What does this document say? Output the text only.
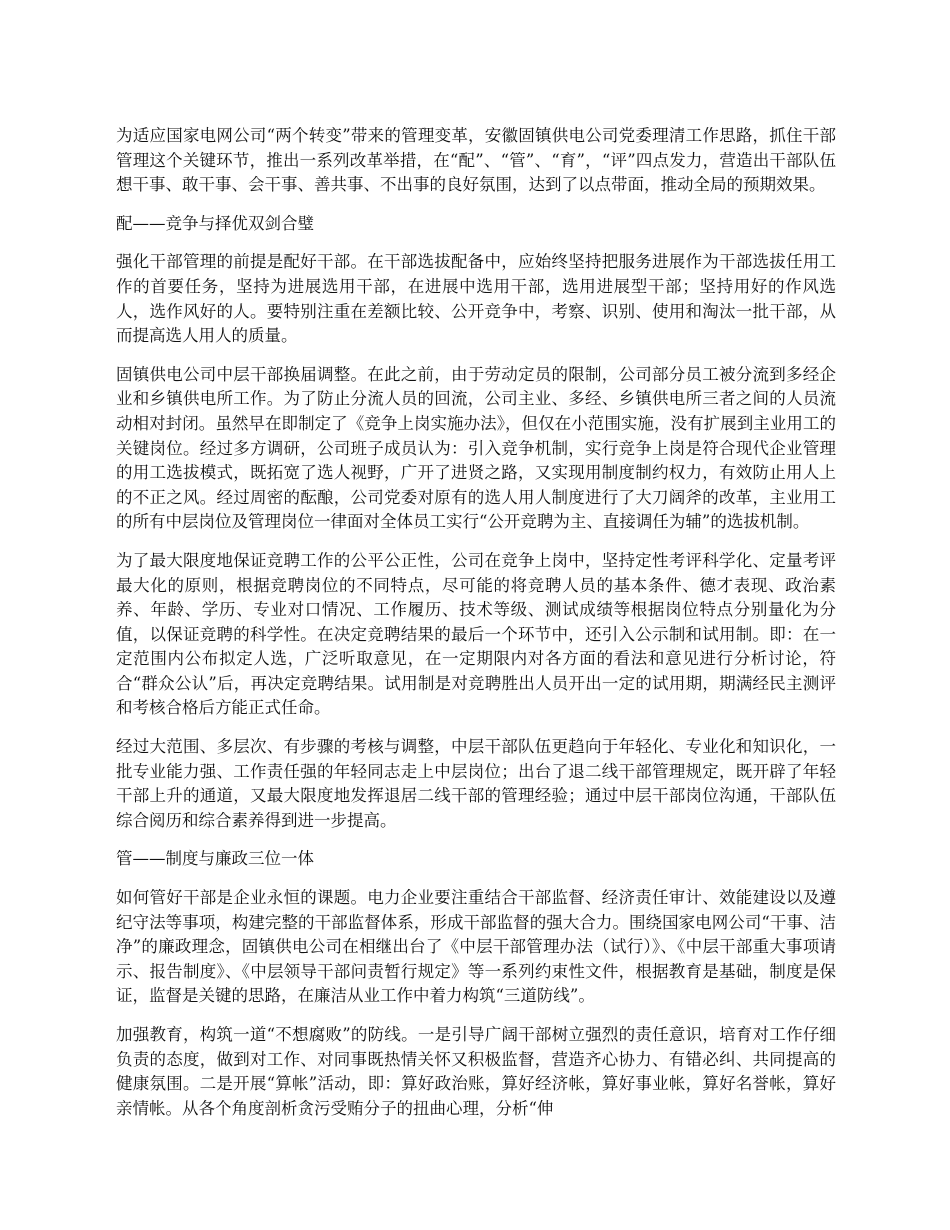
为适应国家电网公司“两个转变”带来的管理变革，安徽固镇供电公司党委理清工作思路，抓住干部管理这个关键环节，推出一系列改革举措，在“配”、“管”、“育”，“评”四点发力，营造出干部队伍想干事、敢干事、会干事、善共事、不出事的良好氛围，达到了以点带面，推动全局的预期效果。

配——竞争与择优双剑合璧

强化干部管理的前提是配好干部。在干部选拔配备中，应始终坚持把服务进展作为干部选拔任用工作的首要任务，坚持为进展选用干部，在进展中选用干部，选用进展型干部；坚持用好的作风选人，选作风好的人。要特别注重在差额比较、公开竞争中，考察、识别、使用和淘汰一批干部，从而提高选人用人的质量。

固镇供电公司中层干部换届调整。在此之前，由于劳动定员的限制，公司部分员工被分流到多经企业和乡镇供电所工作。为了防止分流人员的回流，公司主业、多经、乡镇供电所三者之间的人员流动相对封闭。虽然早在即制定了《竞争上岗实施办法》，但仅在小范围实施，没有扩展到主业用工的关键岗位。经过多方调研，公司班子成员认为：引入竞争机制，实行竞争上岗是符合现代企业管理的用工选拔模式，既拓宽了选人视野，广开了进贤之路，又实现用制度制约权力，有效防止用人上的不正之风。经过周密的酝酿，公司党委对原有的选人用人制度进行了大刀阔斧的改革，主业用工的所有中层岗位及管理岗位一律面对全体员工实行“公开竞聘为主、直接调任为辅”的选拔机制。

为了最大限度地保证竞聘工作的公平公正性，公司在竞争上岗中，坚持定性考评科学化、定量考评最大化的原则，根据竞聘岗位的不同特点，尽可能的将竞聘人员的基本条件、德才表现、政治素养、年龄、学历、专业对口情况、工作履历、技术等级、测试成绩等根据岗位特点分别量化为分值，以保证竞聘的科学性。在决定竞聘结果的最后一个环节中，还引入公示制和试用制。即：在一定范围内公布拟定人选，广泛听取意见，在一定期限内对各方面的看法和意见进行分析讨论，符合“群众公认”后，再决定竞聘结果。试用制是对竞聘胜出人员开出一定的试用期，期满经民主测评和考核合格后方能正式任命。

经过大范围、多层次、有步骤的考核与调整，中层干部队伍更趋向于年轻化、专业化和知识化，一批专业能力强、工作责任强的年轻同志走上中层岗位；出台了退二线干部管理规定，既开辟了年轻干部上升的通道，又最大限度地发挥退居二线干部的管理经验；通过中层干部岗位沟通，干部队伍综合阅历和综合素养得到进一步提高。

管——制度与廉政三位一体

如何管好干部是企业永恒的课题。电力企业要注重结合干部监督、经济责任审计、效能建设以及遵纪守法等事项，构建完整的干部监督体系，形成干部监督的强大合力。围绕国家电网公司“干事、洁净”的廉政理念，固镇供电公司在相继出台了《中层干部管理办法（试行）》、《中层干部重大事项请示、报告制度》、《中层领导干部问责暂行规定》等一系列约束性文件，根据教育是基础，制度是保证，监督是关键的思路，在廉洁从业工作中着力构筑“三道防线”。

加强教育，构筑一道“不想腐败”的防线。一是引导广阔干部树立强烈的责任意识，培育对工作仔细负责的态度，做到对工作、对同事既热情关怀又积极监督，营造齐心协力、有错必纠、共同提高的健康氛围。二是开展“算帐”活动，即：算好政治账，算好经济帐，算好事业帐，算好名誉帐，算好亲情帐。从各个角度剖析贪污受贿分子的扭曲心理，分析“伸
